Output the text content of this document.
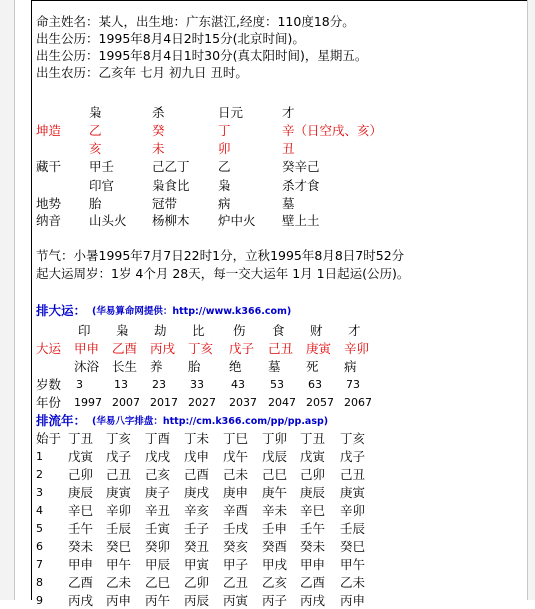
命主姓名：某人，出生地：广东湛江,经度：110度18分。
出生公历：1995年8月4日2时15分(北京时间)。
出生公历：1995年8月4日1时30分(真太阳时间)，星期五。
出生农历：乙亥年 七月 初九日 丑时。
枭	杀	日元	才
坤造 乙	癸	丁	辛（日空戌、亥）
亥	未	卯	丑
藏干 甲壬	己乙丁 乙	癸辛己
印官	枭食比 枭	杀才食
地势 胎	冠带	病	墓
纳音 山头火 杨柳木 炉中火 壁上土
节气：小暑1995年7月7日22时1分，立秋1995年8月8日7时52分
起大运周岁：1岁 4个月 28天，每一交大运年 1月 1日起运(公历)。
排大运： (华易算命网提供：http://www.k366.com)
印 枭 劫 比 伤 食 财 才
大运 甲申 乙酉 丙戌 丁亥 戊子 己丑 庚寅 辛卯
沐浴 长生 养 胎 绝 墓 死 病
岁数 3	13 23 33 43 53 63 73
年份 1997 2007 2017 2027 2037 2047 2057 2067
排流年： (华易八字排盘：http://cm.k366.com/pp/pp.asp)
始于 丁丑 丁亥 丁酉 丁未 丁巳 丁卯 丁丑 丁亥
1 戊寅 戊子 戊戌 戊申 戊午 戊辰 戊寅 戊子
2 己卯 己丑 己亥 己酉 己未 己巳 己卯 己丑
3 庚辰 庚寅 庚子 庚戌 庚申 庚午 庚辰 庚寅
4 辛巳 辛卯 辛丑 辛亥 辛酉 辛未 辛巳 辛卯
5 壬午 壬辰 壬寅 壬子 壬戌 壬申 壬午 壬辰
6 癸未 癸巳 癸卯 癸丑 癸亥 癸酉 癸未 癸巳
7 甲申 甲午 甲辰 甲寅 甲子 甲戌 甲申 甲午
8 乙酉 乙未 乙巳 乙卯 乙丑 乙亥 乙酉 乙未
9 丙戌 丙申 丙午 丙辰 丙寅 丙子 丙戌 丙申
